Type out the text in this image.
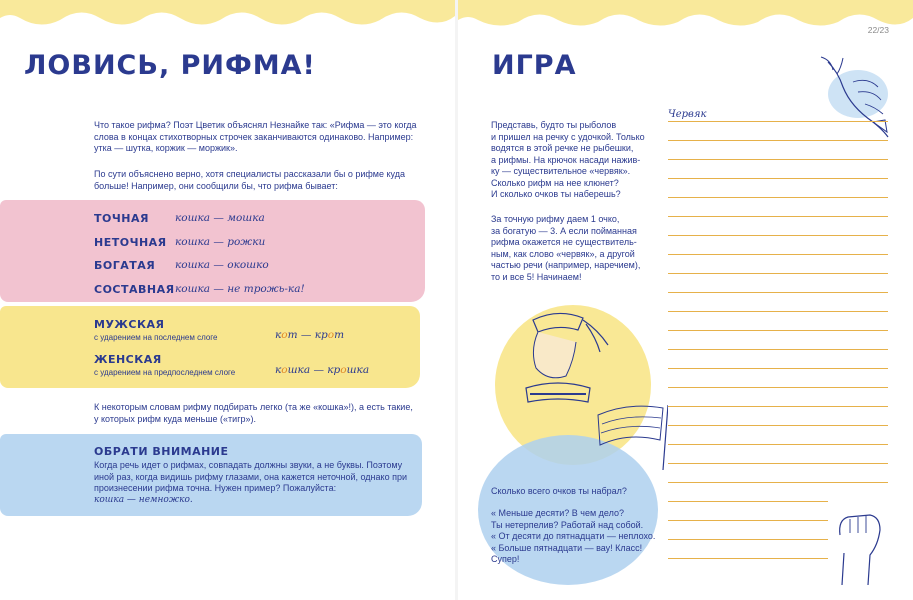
ЛОВИСЬ, РИФМА!
Что такое рифма? Поэт Цветик объяснял Незнайке так: «Рифма — это когда
слова в концах стихотворных строчек заканчиваются одинаково. Например:
утка — шутка, коржик — моржик».
По сути объяснено верно, хотя специалисты рассказали бы о рифме куда
больше! Например, они сообщили бы, что рифма бывает:
ТОЧНАЯ кошка — мошка
НЕТОЧНАЯ кошка — рожки
БОГАТАЯ кошка — окошко
СОСТАВНАЯ кошка — не трожь-ка!
МУЖСКАЯ
с ударением на последнем слоге	кот — крот
ЖЕНСКАЯ
с ударением на предпоследнем слоге	кошка — крошка
К некоторым словам рифму подбирать легко (та же «кошка»!), а есть такие,
у которых рифм куда меньше («тигр»).
ОБРАТИ ВНИМАНИЕ
Когда речь идет о рифмах, совпадать должны звуки, а не буквы. Поэтому
иной раз, когда видишь рифму глазами, она кажется неточной, однако при
произнесении рифма точна. Нужен пример? Пожалуйста:
кошка — немножко.
22/23
ИГРА
Представь, будто ты рыболов
и пришел на речку с удочкой. Только
водятся в этой речке не рыбешки,
а рифмы. На крючок насади нажив-
ку — существительное «червяк».
Сколько рифм на нее клюнет?
И сколько очков ты наберешь?
За точную рифму даем 1 очко,
за богатую — 3. А если пойманная
рифма окажется не существитель-
ным, как слово «червяк», а другой
частью речи (например, наречием),
то и все 5! Начинаем!
Сколько всего очков ты набрал?
« Меньше десяти? В чем дело?
Ты нетерпелив? Работай над собой.
« От десяти до пятнадцати — неплохо.
« Больше пятнадцати — вау! Класс!
Супер!
Червяк
